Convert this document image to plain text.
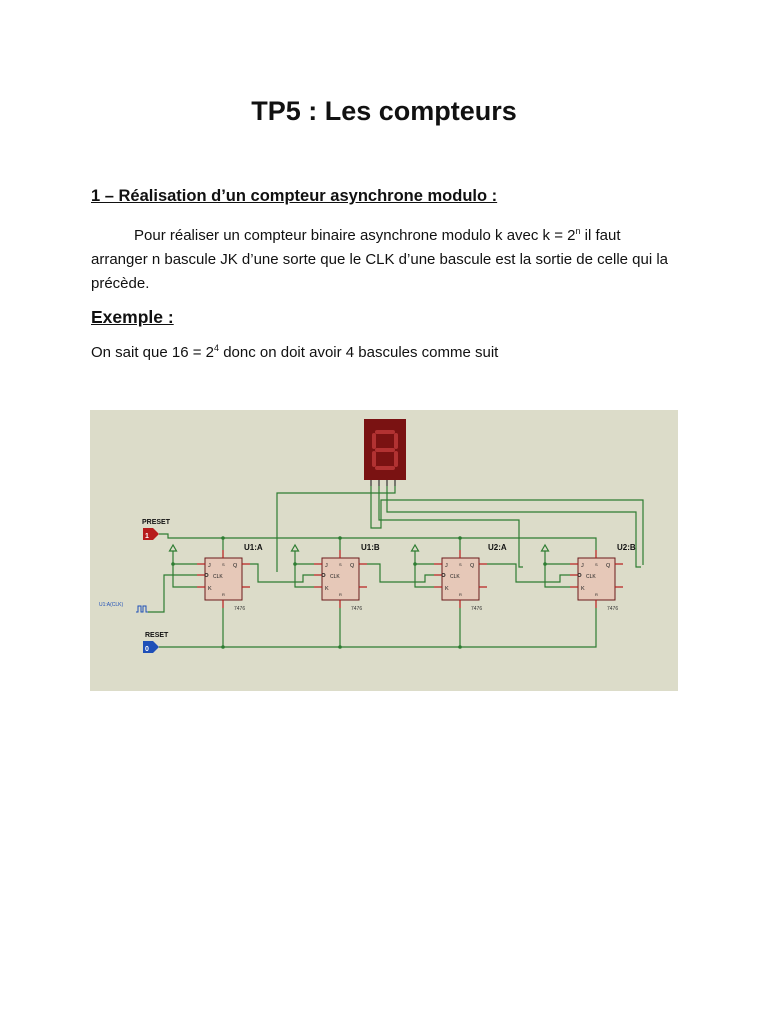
TP5 : Les compteurs
1 – Réalisation d’un compteur asynchrone modulo :

Pour réaliser un compteur binaire asynchrone modulo k avec $k = 2^n$ il faut arranger n bascule JK d’une sorte que le CLK d’une bascule est la sortie de celle qui la précède.

Exemple :

On sait que $16 = 2^4$ donc on doit avoir 4 bascules comme suit

8
U1:A
7476
J
K
CLK
Q
S
R
U1:B
7476
J
K
CLK
Q
S
R
U2:A
7476
J
K
CLK
Q
S
R
U2:B
7476
J
K
CLK
Q
S
R
1
PRESET
0
RESET
U1:A(CLK)
